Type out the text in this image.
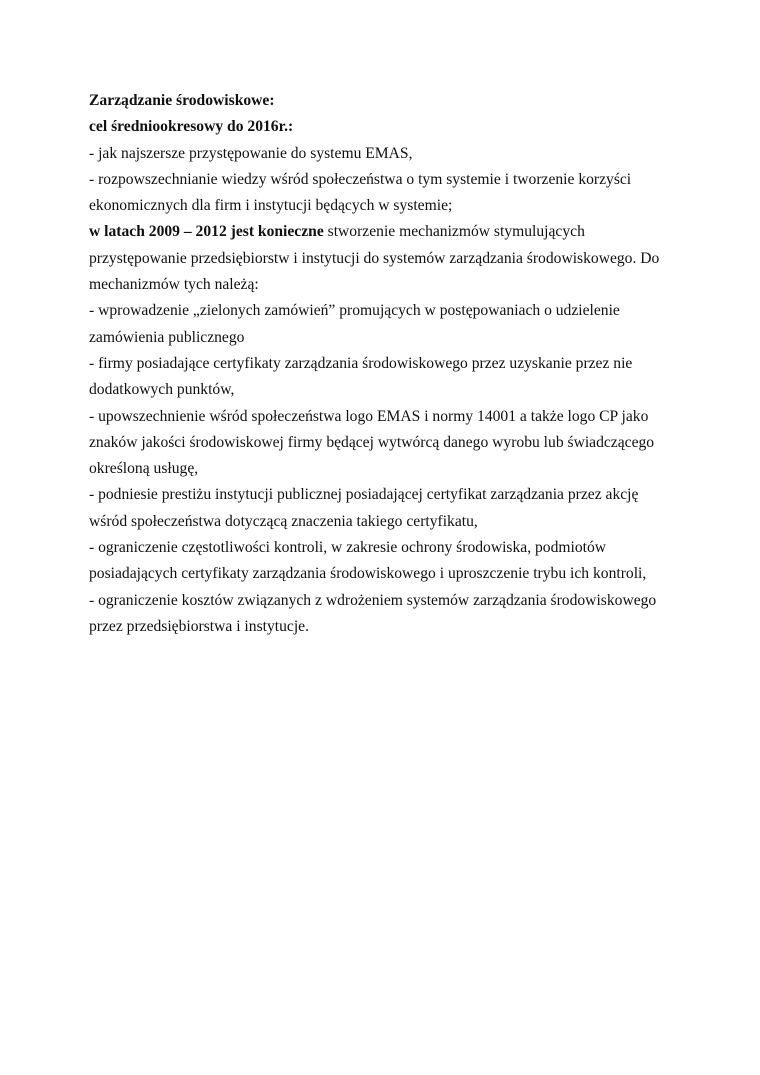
Zarządzanie środowiskowe:
cel średniookresowy do 2016r.:
- jak najszersze przystępowanie do systemu EMAS,
- rozpowszechnianie wiedzy wśród społeczeństwa o tym systemie i tworzenie korzyści
ekonomicznych dla firm i instytucji będących w systemie;
w latach 2009 – 2012 jest konieczne stworzenie mechanizmów stymulujących
przystępowanie przedsiębiorstw i instytucji do systemów zarządzania środowiskowego. Do
mechanizmów tych należą:
- wprowadzenie „zielonych zamówień” promujących w postępowaniach o udzielenie
zamówienia publicznego
- firmy posiadające certyfikaty zarządzania środowiskowego przez uzyskanie przez nie
dodatkowych punktów,
- upowszechnienie wśród społeczeństwa logo EMAS i normy 14001 a także logo CP jako
znaków jakości środowiskowej firmy będącej wytwórcą danego wyrobu lub świadczącego
określoną usługę,
- podniesie prestiżu instytucji publicznej posiadającej certyfikat zarządzania przez akcję
wśród społeczeństwa dotyczącą znaczenia takiego certyfikatu,
- ograniczenie częstotliwości kontroli, w zakresie ochrony środowiska, podmiotów
posiadających certyfikaty zarządzania środowiskowego i uproszczenie trybu ich kontroli,
- ograniczenie kosztów związanych z wdrożeniem systemów zarządzania środowiskowego
przez przedsiębiorstwa i instytucje.
